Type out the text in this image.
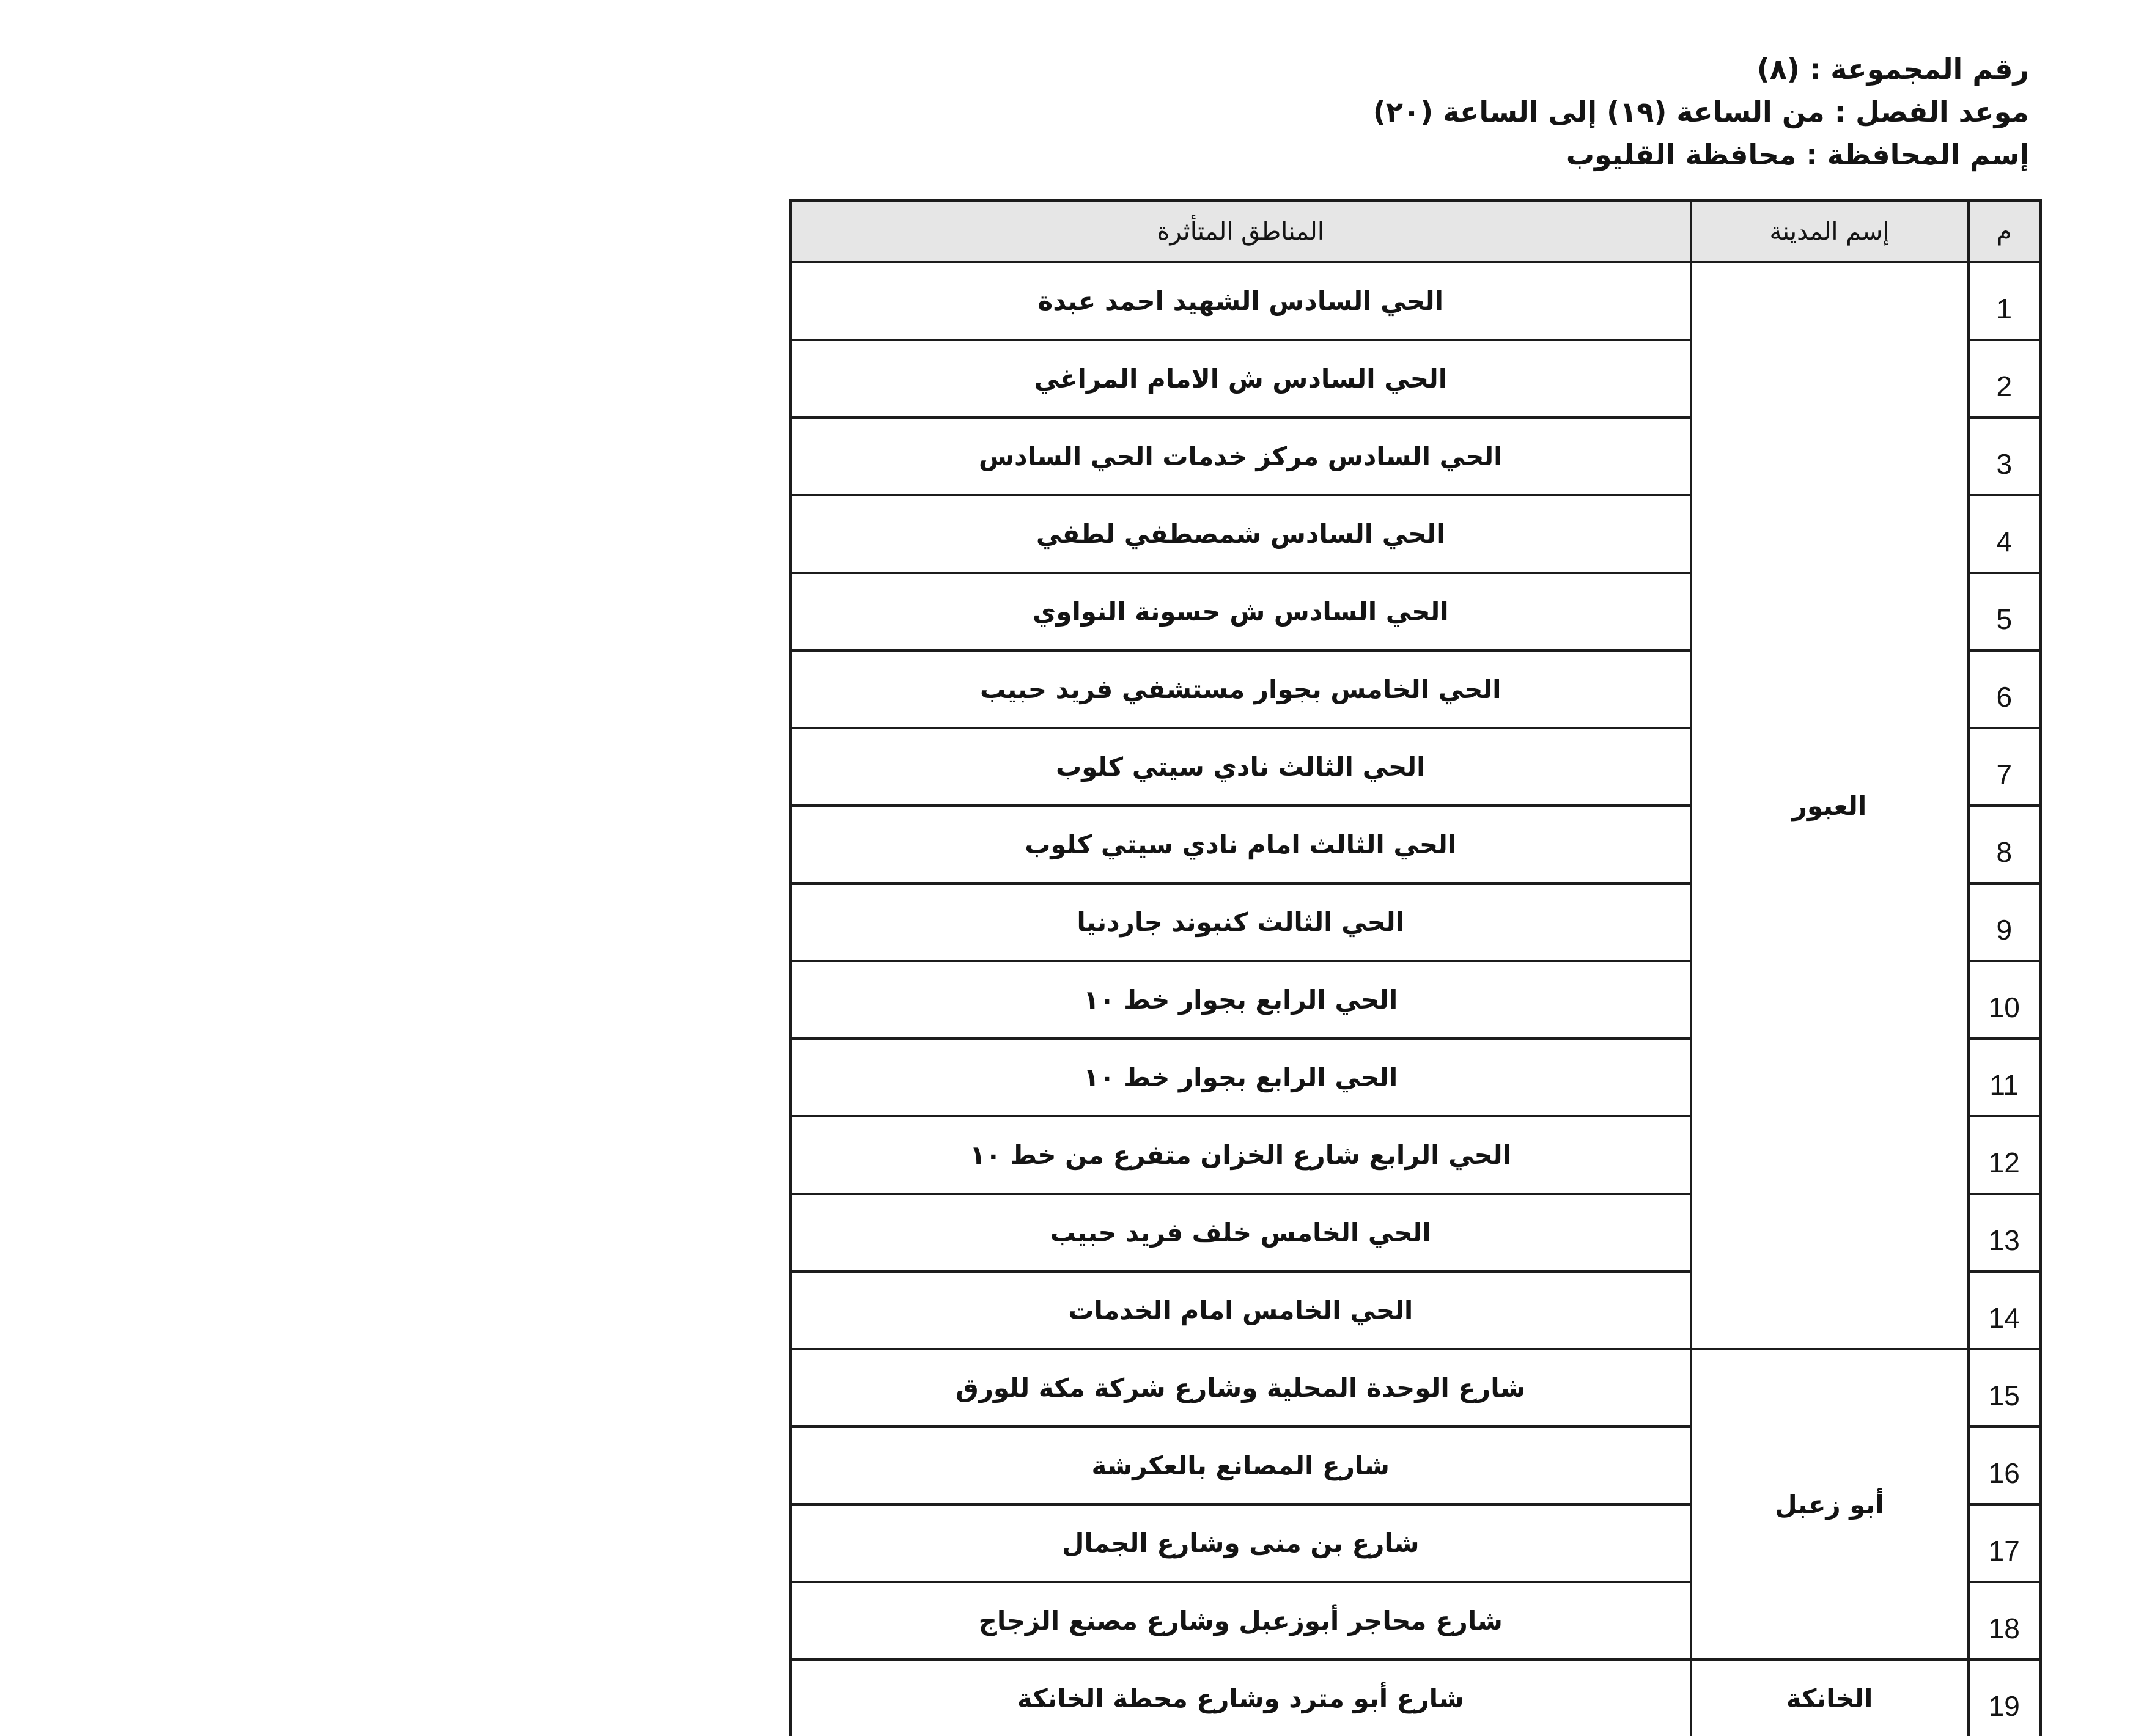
رقم المجموعة : (٨)
موعد الفصل : من الساعة (١٩) إلى الساعة (٢٠)
إسم المحافظة : محافظة القليوب
م	إسم المدينة	المناطق المتأثرة
1	العبور	الحي السادس الشهيد احمد عبدة
2		الحي السادس ش الامام المراغي
3		الحي السادس مركز خدمات الحي السادس
4		الحي السادس شمصطفي لطفي
5		الحي السادس ش حسونة النواوي
6		الحي الخامس بجوار مستشفي فريد حبيب
7		الحي الثالث نادي سيتي كلوب
8		الحي الثالث امام نادي سيتي كلوب
9		الحي الثالث كنبوند جاردنيا
10		الحي الرابع بجوار خط ١٠
11		الحي الرابع بجوار خط ١٠
12		الحي الرابع شارع الخزان متفرع من خط ١٠
13		الحي الخامس خلف فريد حبيب
14		الحي الخامس امام الخدمات
15	أبو زعبل	شارع الوحدة المحلية وشارع شركة مكة للورق
16		شارع المصانع بالعكرشة
17		شارع بن منى وشارع الجمال
18		شارع محاجر أبوزعبل وشارع مصنع الزجاج
19	الخانكة	شارع أبو مترد وشارع محطة الخانكة
